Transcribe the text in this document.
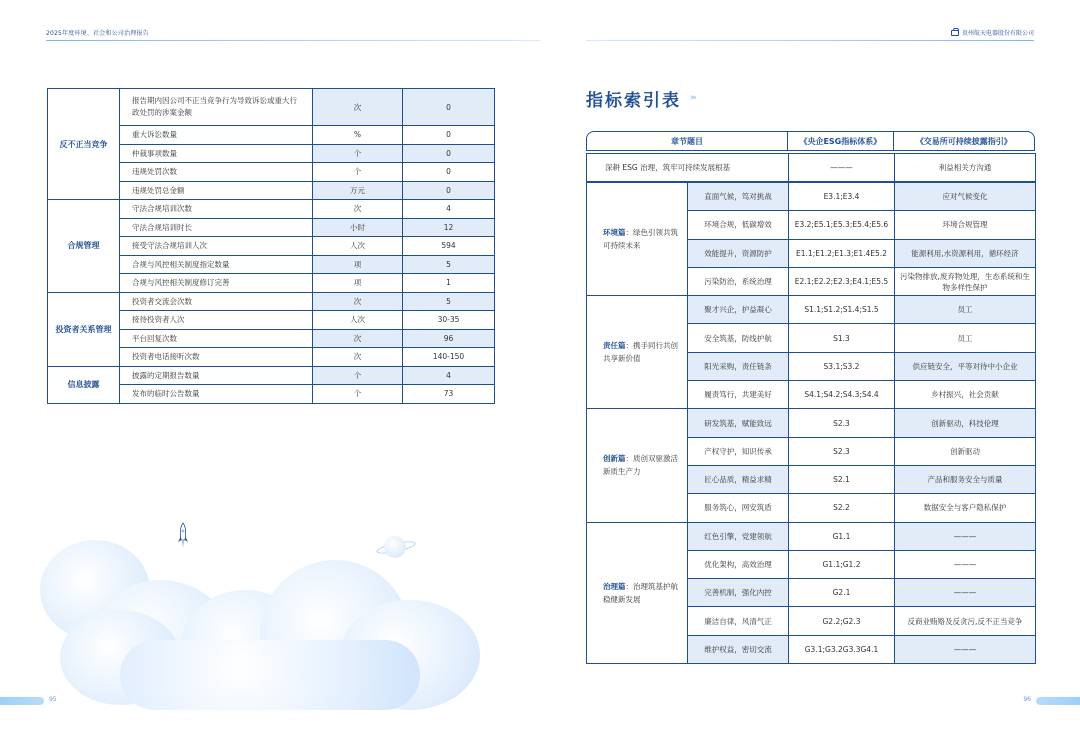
2025年度环境、社会和公司治理报告	贵州航天电器股份有限公司
反不正当竞争	报告期内因公司不正当竞争行为导致诉讼或重大行政处罚的涉案金额	次	0
	重大诉讼数量	%	0
	仲裁事项数量	个	0
	违规处罚次数	个	0
	违规处罚总金额	万元	0
合规管理	守法合规培训次数	次	4
	守法合规培训时长	小时	12
	接受守法合规培训人次	人次	594
	合规与风控相关制度指定数量	项	5
	合规与风控相关制度修订完善	项	1
投资者关系管理	投资者交流会次数	次	5
	接待投资者人次	人次	30-35
	平台回复次数	次	96
	投资者电话接听次数	次	140-150
信息披露	披露的定期报告数量	个	4
	发布的临时公告数量	个	73
指标索引表 ›››
章节题目	《央企ESG指标体系》	《交易所可持续披露指引》
深耕 ESG 治理，筑牢可持续发展根基	———	利益相关方沟通
环境篇：绿色引领共筑可持续未来	直面气候，笃对挑战	E3.1;E3.4	应对气候变化
	环境合规，低碳增效	E3.2;E5.1;E5.3;E5.4;E5.6	环境合规管理
	效能提升，资源防护	E1.1;E1.2;E1.3;E1.4E5.2	能源利用,水资源利用，循环经济
	污染防治，系统治理	E2.1;E2.2;E2.3;E4.1;E5.5	污染物排放,废弃物处理，生态系统和生物多样性保护
责任篇：携手同行共创共享新价值	聚才兴企，护益凝心	S1.1;S1.2;S1.4;S1.5	员工
	安全筑基，防线护航	S1.3	员工
	阳光采购，责任链条	S3.1;S3.2	供应链安全，平等对待中小企业
	履责笃行，共建美好	S4.1;S4.2;S4.3;S4.4	乡村振兴，社会贡献
创新篇：质创双驱激活新质生产力	研发筑基，赋能致远	S2.3	创新驱动，科技伦理
	产权守护，知识传承	S2.3	创新驱动
	匠心品质，精益求精	S2.1	产品和服务安全与质量
	服务筑心，网安筑盾	S2.2	数据安全与客户隐私保护
治理篇：治理筑基护航稳健新发展	红色引擎，党建领航	G1.1	———
	优化架构，高效治理	G1.1;G1.2	———
	完善机制，强化内控	G2.1	———
	廉洁自律，风清气正	G2.2;G2.3	反商业贿赂及反贪污,反不正当竞争
	维护权益，密切交流	G3.1;G3.2G3.3G4.1	———
95	96
